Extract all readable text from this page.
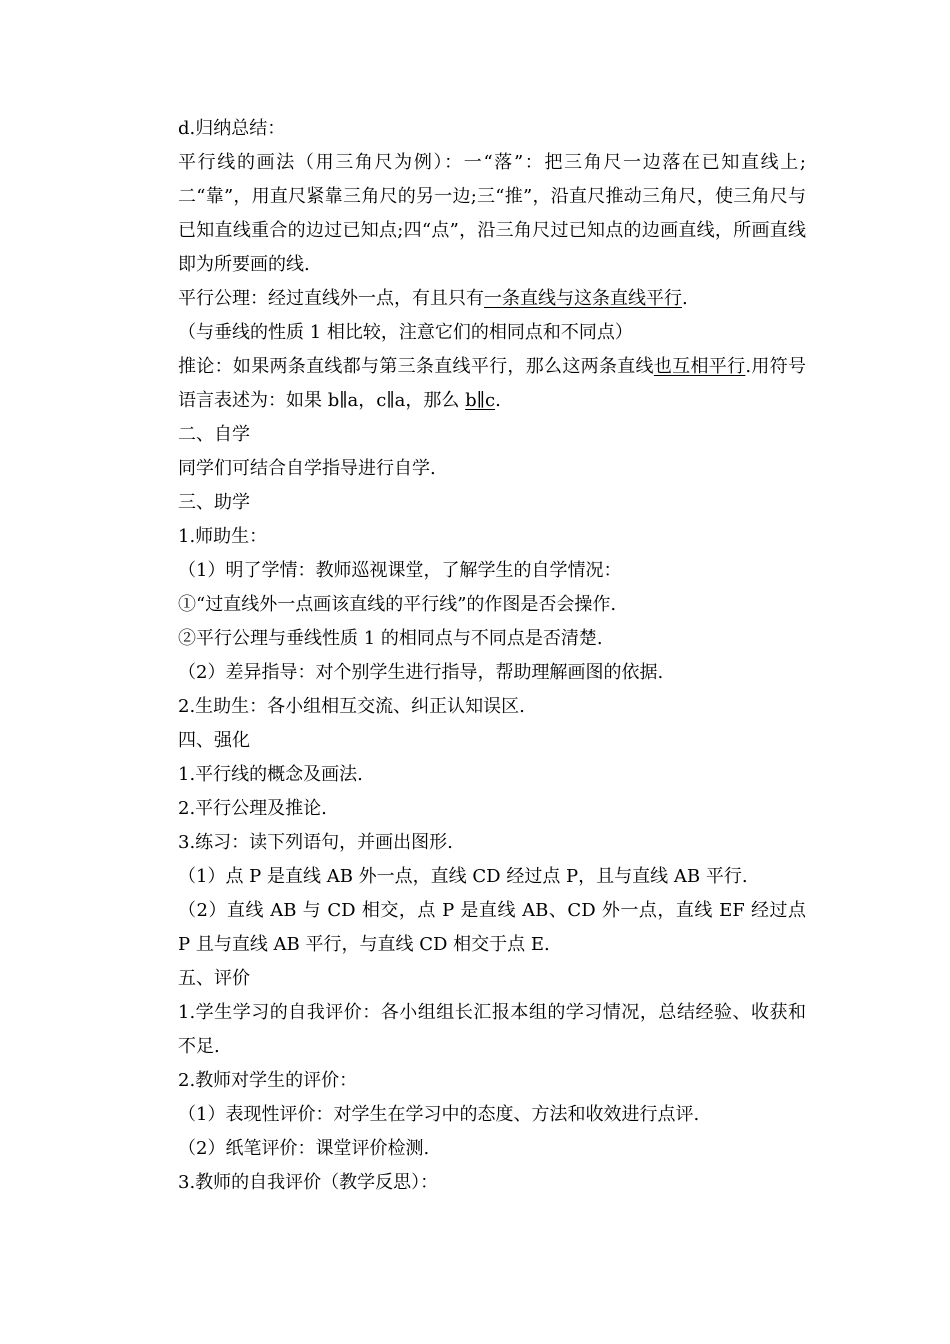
d.归纳总结：

平行线的画法（用三角尺为例）：一“落”：把三角尺一边落在已知直线上;二“靠”，用直尺紧靠三角尺的另一边;三“推”，沿直尺推动三角尺，使三角尺与已知直线重合的边过已知点;四“点”，沿三角尺过已知点的边画直线，所画直线即为所要画的线.

平行公理：经过直线外一点，有且只有一条直线与这条直线平行.

（与垂线的性质 1 相比较，注意它们的相同点和不同点）

推论：如果两条直线都与第三条直线平行，那么这两条直线也互相平行.用符号语言表述为：如果 b∥a，c∥a，那么 b∥c.

二、自学

同学们可结合自学指导进行自学.

三、助学

1.师助生：

（1）明了学情：教师巡视课堂，了解学生的自学情况：

①“过直线外一点画该直线的平行线”的作图是否会操作.

②平行公理与垂线性质 1 的相同点与不同点是否清楚.

（2）差异指导：对个别学生进行指导，帮助理解画图的依据.

2.生助生：各小组相互交流、纠正认知误区.

四、强化

1.平行线的概念及画法.

2.平行公理及推论.

3.练习：读下列语句，并画出图形.

（1）点 P 是直线 AB 外一点，直线 CD 经过点 P，且与直线 AB 平行.

（2）直线 AB 与 CD 相交，点 P 是直线 AB、CD 外一点，直线 EF 经过点 P 且与直线 AB 平行，与直线 CD 相交于点 E.

五、评价

1.学生学习的自我评价：各小组组长汇报本组的学习情况，总结经验、收获和不足.

2.教师对学生的评价：

（1）表现性评价：对学生在学习中的态度、方法和收效进行点评.

（2）纸笔评价：课堂评价检测.

3.教师的自我评价（教学反思）：
